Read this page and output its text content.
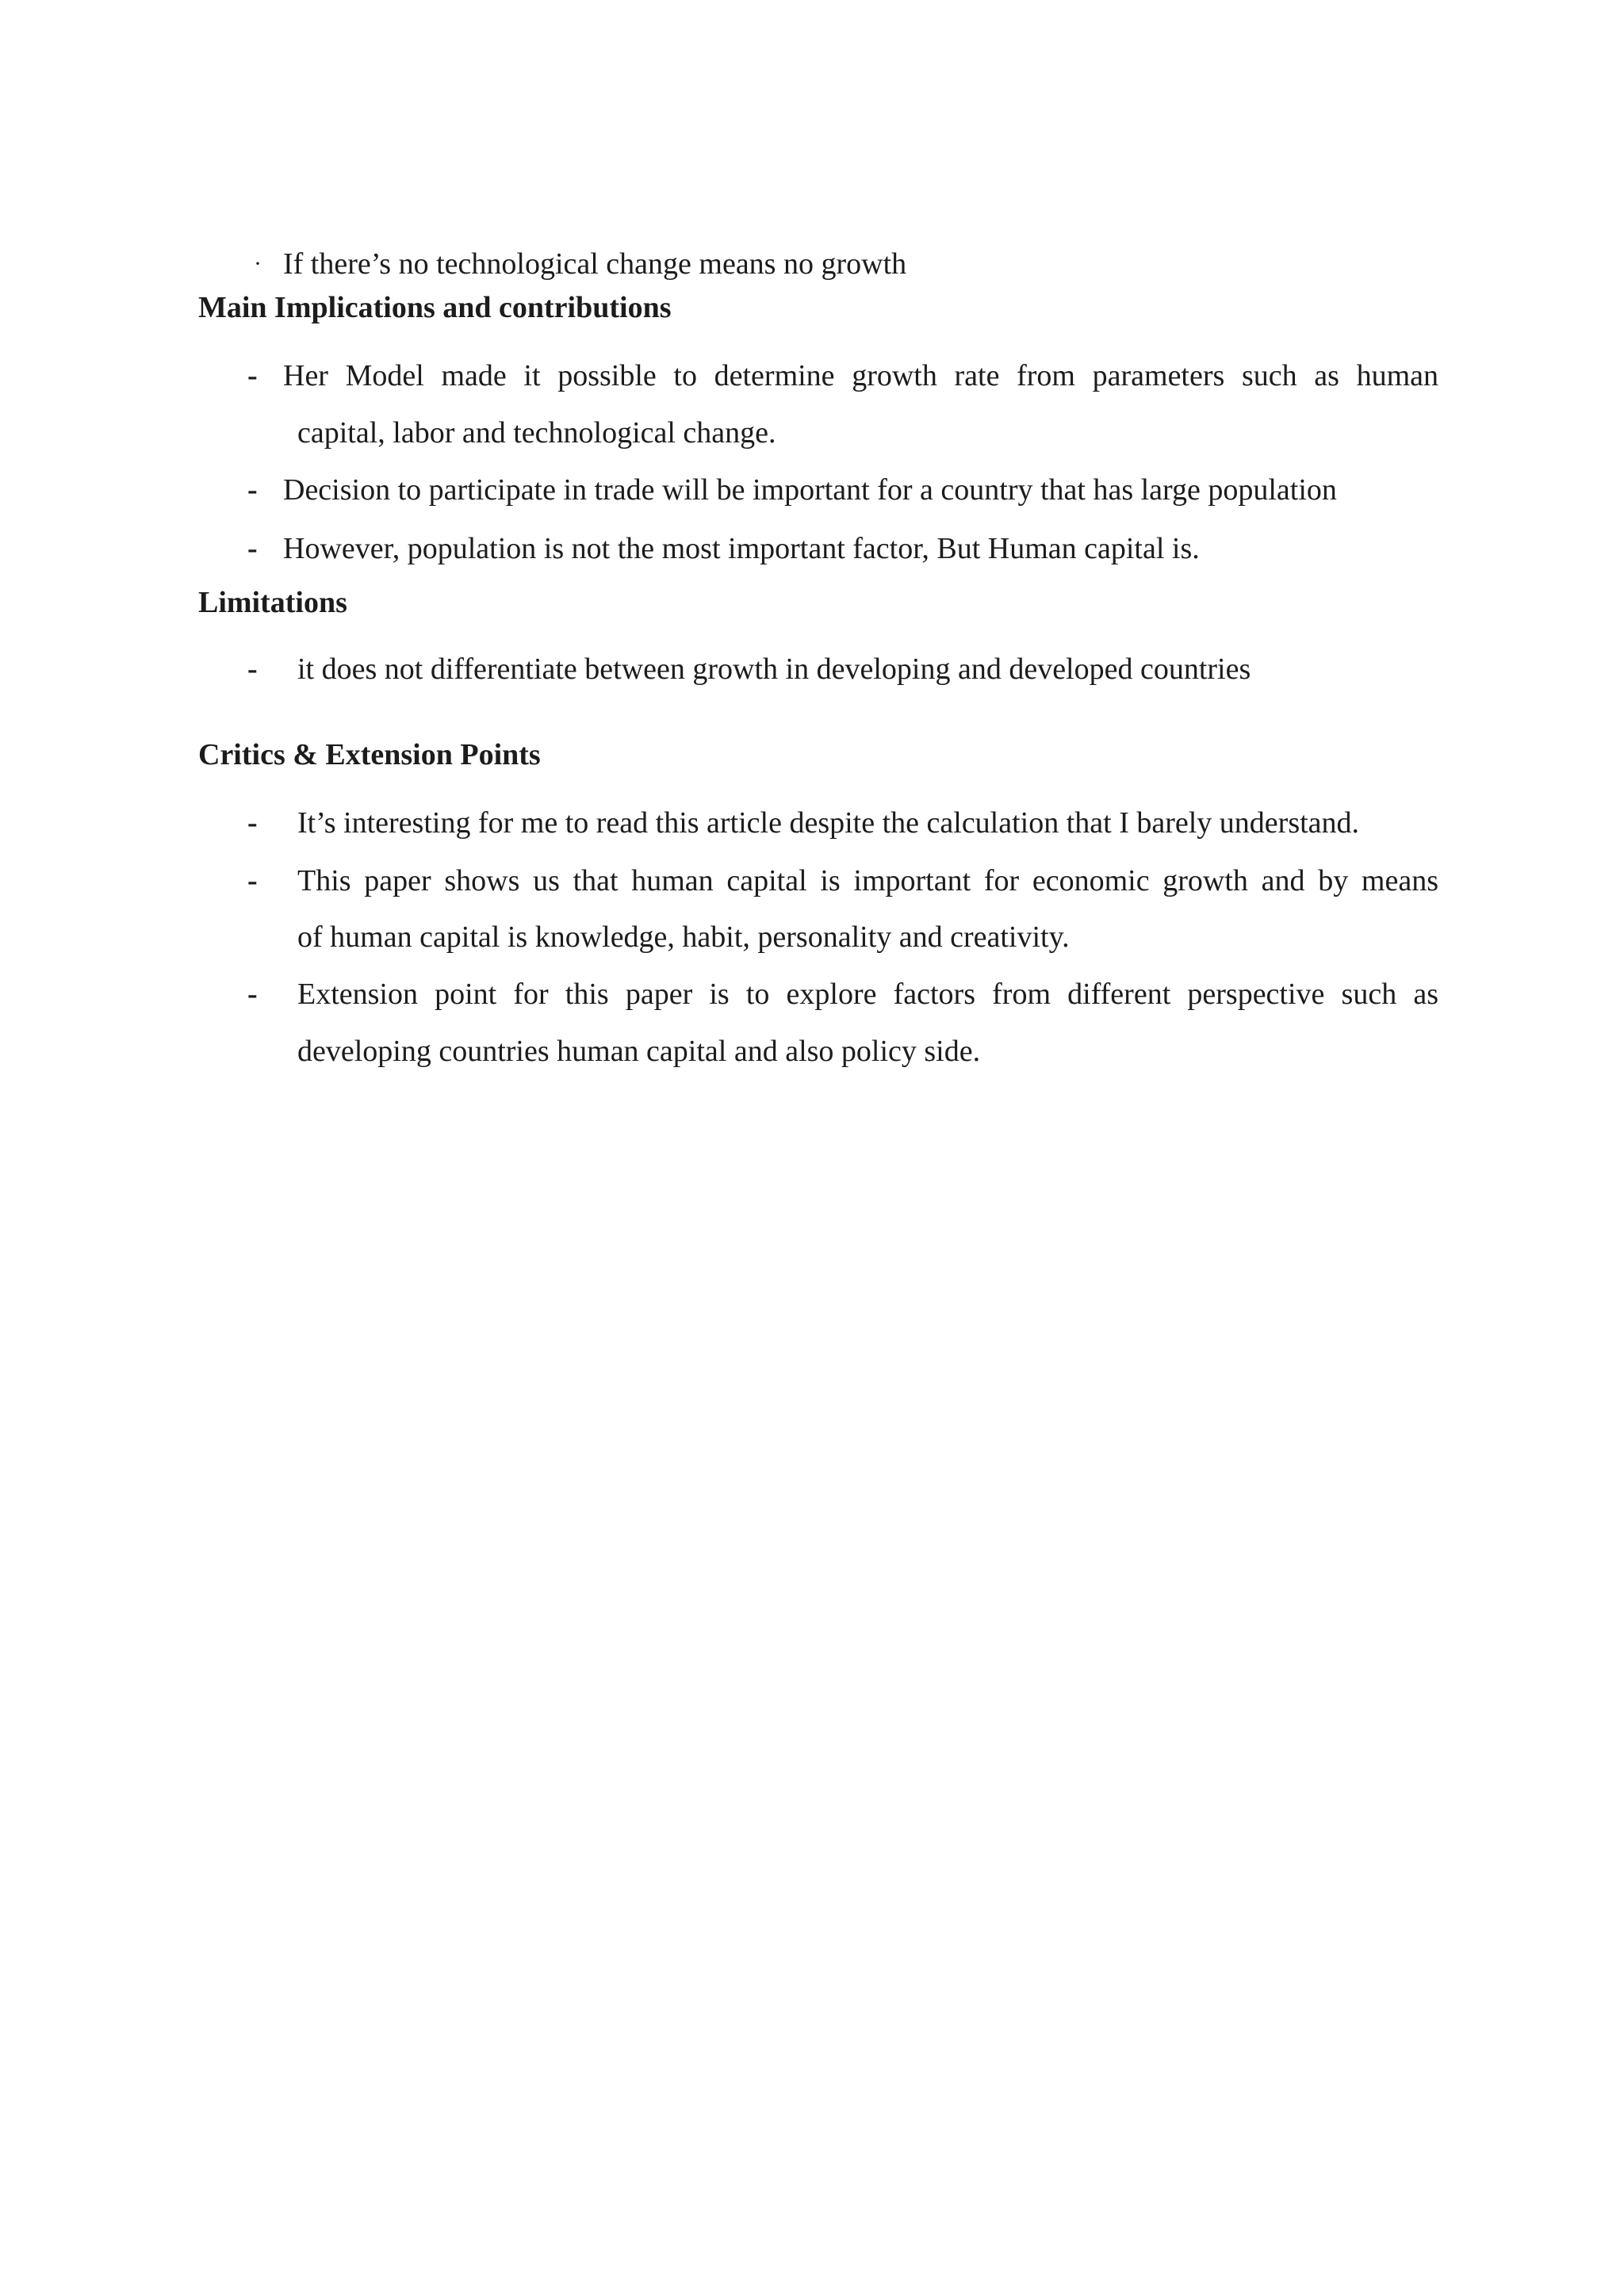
· If there’s no technological change means no growth
Main Implications and contributions
- Her Model made it possible to determine growth rate from parameters such as human
capital, labor and technological change.
- Decision to participate in trade will be important for a country that has large population
- However, population is not the most important factor, But Human capital is.
Limitations
- it does not differentiate between growth in developing and developed countries
Critics & Extension Points
- It’s interesting for me to read this article despite the calculation that I barely understand.
- This paper shows us that human capital is important for economic growth and by means
of human capital is knowledge, habit, personality and creativity.
- Extension point for this paper is to explore factors from different perspective such as
developing countries human capital and also policy side.
